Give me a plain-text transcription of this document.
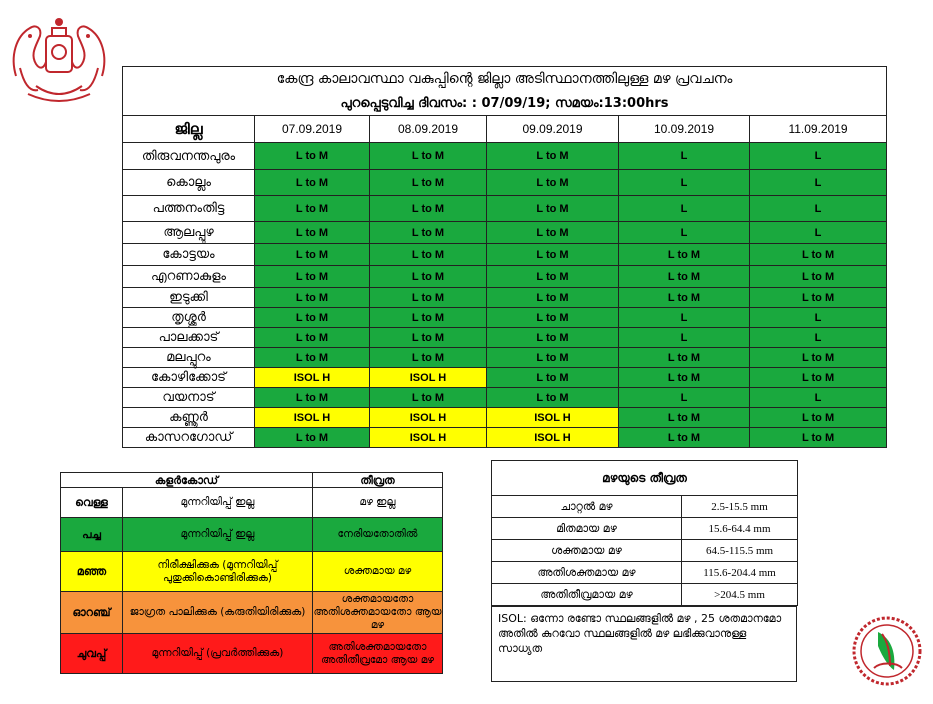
കേന്ദ്ര കാലാവസ്ഥാ വകുപ്പിന്റെ ജില്ലാ അടിസ്ഥാനത്തിലുള്ള മഴ പ്രവചനം					
പുറപ്പെടുവിച്ച ദിവസം: : 07/09/19; സമയം:13:00hrs					
ജില്ല	07.09.2019	08.09.2019	09.09.2019	10.09.2019	11.09.2019
തിരുവനന്തപുരം	L to M	L to M	L to M	L	L
കൊല്ലം	L to M	L to M	L to M	L	L
പത്തനംതിട്ട	L to M	L to M	L to M	L	L
ആലപ്പുഴ	L to M	L to M	L to M	L	L
കോട്ടയം	L to M	L to M	L to M	L to M	L to M
എറണാകുളം	L to M	L to M	L to M	L to M	L to M
ഇടുക്കി	L to M	L to M	L to M	L to M	L to M
തൃശ്ശൂർ	L to M	L to M	L to M	L	L
പാലക്കാട്	L to M	L to M	L to M	L	L
മലപ്പുറം	L to M	L to M	L to M	L to M	L to M
കോഴിക്കോട്	ISOL H	ISOL H	L to M	L to M	L to M
വയനാട്	L to M	L to M	L to M	L	L
കണ്ണൂർ	ISOL H	ISOL H	ISOL H	L to M	L to M
കാസറഗോഡ്	L to M	ISOL H	ISOL H	L to M	L to M
കളർകോഡ്		തീവ്രത
വെള്ള	മുന്നറിയിപ്പ് ഇല്ല	മഴ ഇല്ല
പച്ച	മുന്നറിയിപ്പ് ഇല്ല	നേരിയതോതിൽ
മഞ്ഞ	നിരീക്ഷിക്കുക (മുന്നറിയിപ്പ് പുതുക്കികൊണ്ടിരിക്കുക)	ശക്തമായ മഴ
ഓറഞ്ച്	ജാഗ്രത പാലിക്കുക (കരുതിയിരിക്കുക)	ശക്തമായതോ അതിശക്തമായതോ ആയ മഴ
ചുവപ്പ്	മുന്നറിയിപ്പ് (പ്രവർത്തിക്കുക)	അതിശക്തമായതോ അതിതീവ്രമോ ആയ മഴ
മഴയുടെ തീവ്രത	
ചാറ്റൽ മഴ	2.5-15.5 mm
മിതമായ മഴ	15.6-64.4 mm
ശക്തമായ മഴ	64.5-115.5 mm
അതിശക്തമായ മഴ	115.6-204.4 mm
അതിതീവ്രമായ മഴ	>204.5 mm
ISOL: ഒന്നോ രണ്ടോ സ്ഥലങ്ങളിൽ മഴ , 25 ശതമാനമോ അതിൽ കുറവോ സ്ഥലങ്ങളിൽ മഴ ലഭിക്കുവാനുള്ള സാധ്യത
